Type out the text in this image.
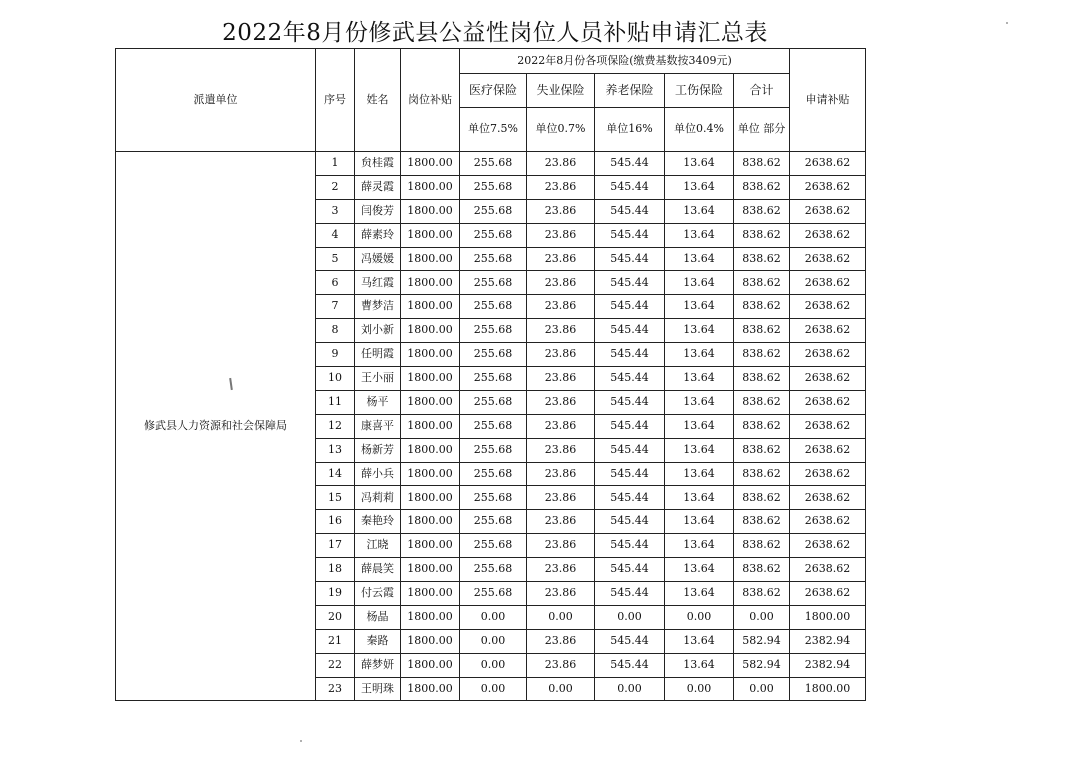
2022年8月份修武县公益性岗位人员补贴申请汇总表
派遣单位	序号	姓名	岗位补贴	2022年8月份各项保险(缴费基数按3409元)					申请补贴
				医疗保险	失业保险	养老保险	工伤保险	合计	
				单位7.5%	单位0.7%	单位16%	单位0.4%	单位 部分	
修武县人力资源和社会保障局	1	贠桂霞	1800.00	255.68	23.86	545.44	13.64	838.62	2638.62
	2	薛灵霞	1800.00	255.68	23.86	545.44	13.64	838.62	2638.62
	3	闫俊芳	1800.00	255.68	23.86	545.44	13.64	838.62	2638.62
	4	薛素玲	1800.00	255.68	23.86	545.44	13.64	838.62	2638.62
	5	冯媛媛	1800.00	255.68	23.86	545.44	13.64	838.62	2638.62
	6	马红霞	1800.00	255.68	23.86	545.44	13.64	838.62	2638.62
	7	曹梦洁	1800.00	255.68	23.86	545.44	13.64	838.62	2638.62
	8	刘小新	1800.00	255.68	23.86	545.44	13.64	838.62	2638.62
	9	任明霞	1800.00	255.68	23.86	545.44	13.64	838.62	2638.62
	10	王小丽	1800.00	255.68	23.86	545.44	13.64	838.62	2638.62
	11	杨平	1800.00	255.68	23.86	545.44	13.64	838.62	2638.62
	12	康喜平	1800.00	255.68	23.86	545.44	13.64	838.62	2638.62
	13	杨新芳	1800.00	255.68	23.86	545.44	13.64	838.62	2638.62
	14	薛小兵	1800.00	255.68	23.86	545.44	13.64	838.62	2638.62
	15	冯莉莉	1800.00	255.68	23.86	545.44	13.64	838.62	2638.62
	16	秦艳玲	1800.00	255.68	23.86	545.44	13.64	838.62	2638.62
	17	江晓	1800.00	255.68	23.86	545.44	13.64	838.62	2638.62
	18	薛晨笑	1800.00	255.68	23.86	545.44	13.64	838.62	2638.62
	19	付云霞	1800.00	255.68	23.86	545.44	13.64	838.62	2638.62
	20	杨晶	1800.00	0.00	0.00	0.00	0.00	0.00	1800.00
	21	秦路	1800.00	0.00	23.86	545.44	13.64	582.94	2382.94
	22	薛梦妍	1800.00	0.00	23.86	545.44	13.64	582.94	2382.94
	23	王明珠	1800.00	0.00	0.00	0.00	0.00	0.00	1800.00
